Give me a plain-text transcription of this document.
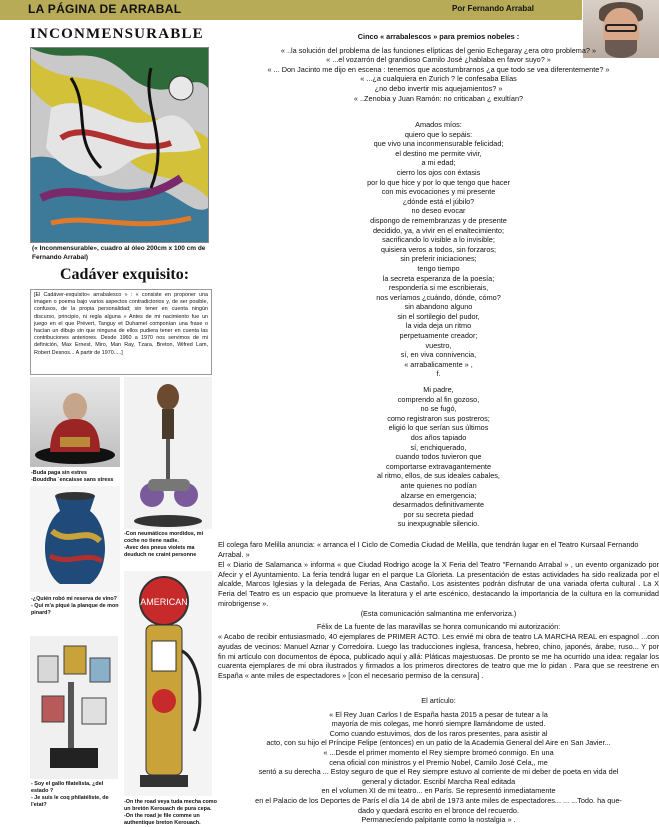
LA PÁGINA DE ARRABAL	Por Fernando Arrabal
INCONMENSURABLE
(« Inconmensurable», cuadro al óleo 200cm x 100 cm de Fernando Arrabal)
Cadáver exquisito:
[El Cadáver-exquisito« arrabalesco » : « consiste en proponer una imagen o poema bajo varios aspectos contradictorios y, de ser posible, confusos, de la propia personalidad; sin tener en cuenta ningún discurso, principio, ni regla alguna » Antes de mi nacimiento fue un juego en el que Prévert, Tanguy et Duhamel componían una frase o hacían un dibujo sin que ninguna de ellos pudiera tener en cuenta las contribuciones anteriores. Desde 1960 a 1970 nos servimos de mi definición, Max Ernest, Miro, Man Ray, Tzara, Breton, Wifred Lam, Robert Desnos... A partir de 1970.....]
-Buda paga sin estres
-Bouddha ´encaisse sans stress
-Con neumáticos mordidos, mi coche no tiene nadie.
-Avec des pneus violets ma deuduch ne craint personne
-¿Quién robó mi reserva de vino?
- Qui m'a piqué la planque de mon pinard?
- Soy el gallo filatelista, ¿del estado ?
- Je suis le coq philatéliste, de l'etat?
AMERICAN
-On the road veya tuda mecha como un bretón Kerouach de pura cepa.
-On the road je file comme un authentique breton Kerouach.
Cinco « arrabalescos » para premios nobeles :
« ..la solución del problema de las funciones elípticas del genio Echegaray ¿era otro problema? »
« ...el vozarrón del grandioso Camilo José ¿hablaba en favor suyo? »
« ... Don Jacinto me dijo en escena : tenemos que acostumbrarnos ¿a que todo se vea diferentemente? »
« ...¿a cualquiera en Zurich ? le confesaba Elías
¿no debo invertir mis aquejamientos? »
« ..Zenobia y Juan Ramón: no criticaban ¿ exultían?
Amados míos:
quiero que lo sepáis:
que vivo una inconmensurable felicidad;
el destino me permite vivir,
a mi edad;
cierro los ojos con éxtasis
por lo que hice y por lo que tengo que hacer
con mis evocaciones y mi presente
¿dónde está el júbilo?
no deseo evocar
dispongo de remembranzas y de presente
decidido, ya, a vivir en el enaltecimiento;
sacrificando lo visible a lo invisible;
quisiera veros a todos, sin forzaros;
sin preferir iniciaciones;
tengo tiempo
la secreta esperanza de la poesía;
respondería si me escribierais,
nos veríamos ¿cuándo, dónde, cómo?
sin abandono alguno
sin el sortilegio del pudor,
la vida deja un ritmo
perpetuamente creador;
vuestro,
sí, en viva connivencia,
« arrabalicamente » ,
f.
Mi padre,
comprendo al fin gozoso,
no se fugó,
como registraron sus postreros;
eligió lo que serían sus últimos
dos años tapiado
sí, enchiquerado,
cuando todos tuvieron que
comportarse extravagantemente
al ritmo, ellos, de sus ideales cabales,
ante quienes no podían
alzarse en emergencia;
desarmados definitivamente
por su secreta piedad
su inexpugnable silencio.

El colega faro Melilla anuncia: « arranca el I Ciclo de Comedia Ciudad de Melilla, que tendrán lugar en el Teatro Kursaal Fernando Arrabal. »

El « Diario de Salamanca » informa « que Ciudad Rodrigo acoge la X Feria del Teatro "Fernando Arrabal » , un evento organizado por Afecir y el Ayuntamiento. La feria tendrá lugar en el parque La Glorieta. La presentación de estas actividades ha sido realizada por el alcalde, Marcos Iglesias y la delegada de Ferias, Ana Castaño. Los asistentes podrán disfrutar de una variada oferta cultural . La X Feria del Teatro es un espacio que promueve la literatura y el arte escénico, destacando la importancia de la cultura en la comunidad mirobrigense ».

(Esta comunicación salmantina me enfervoriza.)

Félix de La fuente de las maravillas se honra comunicando mi autorización:

« Acabo de recibir entusiasmado, 40 ejemplares de PRIMER ACTO. Les envié mi obra de teatro LA MARCHA REAL en espagnol ...con ayudas de vecinos: Manuel Aznar y Corredoira. Luego las traducciones inglesa, francesa, hebreo, chino, japonés, árabe, ruso... Y por fin mi artículo con documentos de época, publicado aquí y allá: Pláticas majestuosas. De pronto se me ha ocurrido una idea: regalar los cuarenta ejemplares de mi obra ilustrados y firmados a los primeros directores de teatro que me lo pidan . Para que se reestrene en España « ante miles de espectadores » [con el necesario permiso de la censura] .

El artículo:
« El Rey Juan Carlos I de España hasta 2015 a pesar de tutear a la
mayoría de mis colegas, me honró siempre llamándome de usted.
Como cuando estuvimos, dos de los raros presentes, para asistir al
acto, con su hijo el Príncipe Felipe (entonces) en un patio de la Academia General del Aire en San Javier...
« ...Desde el primer momento el Rey siempre bromeó conmigo. En una
cena oficial con ministros y el Premio Nobel, Camilo José Cela,, me
sentó a su derecha ... Estoy seguro de que el Rey siempre estuvo al corriente de mi deber de poeta en vida del
general y dictador. Escribí Marcha Real editada
en el volumen XI de mi teatro... en París. Se representó inmediatamente
en el Palacio de los Deportes de París el día 14 de abril de 1973 ante miles de espectadores... ... ...Todo. ha que-
dado y quedará escrito en el bronce del recuerdo.
Permanecíendo palpitante como la nostalgia » .
